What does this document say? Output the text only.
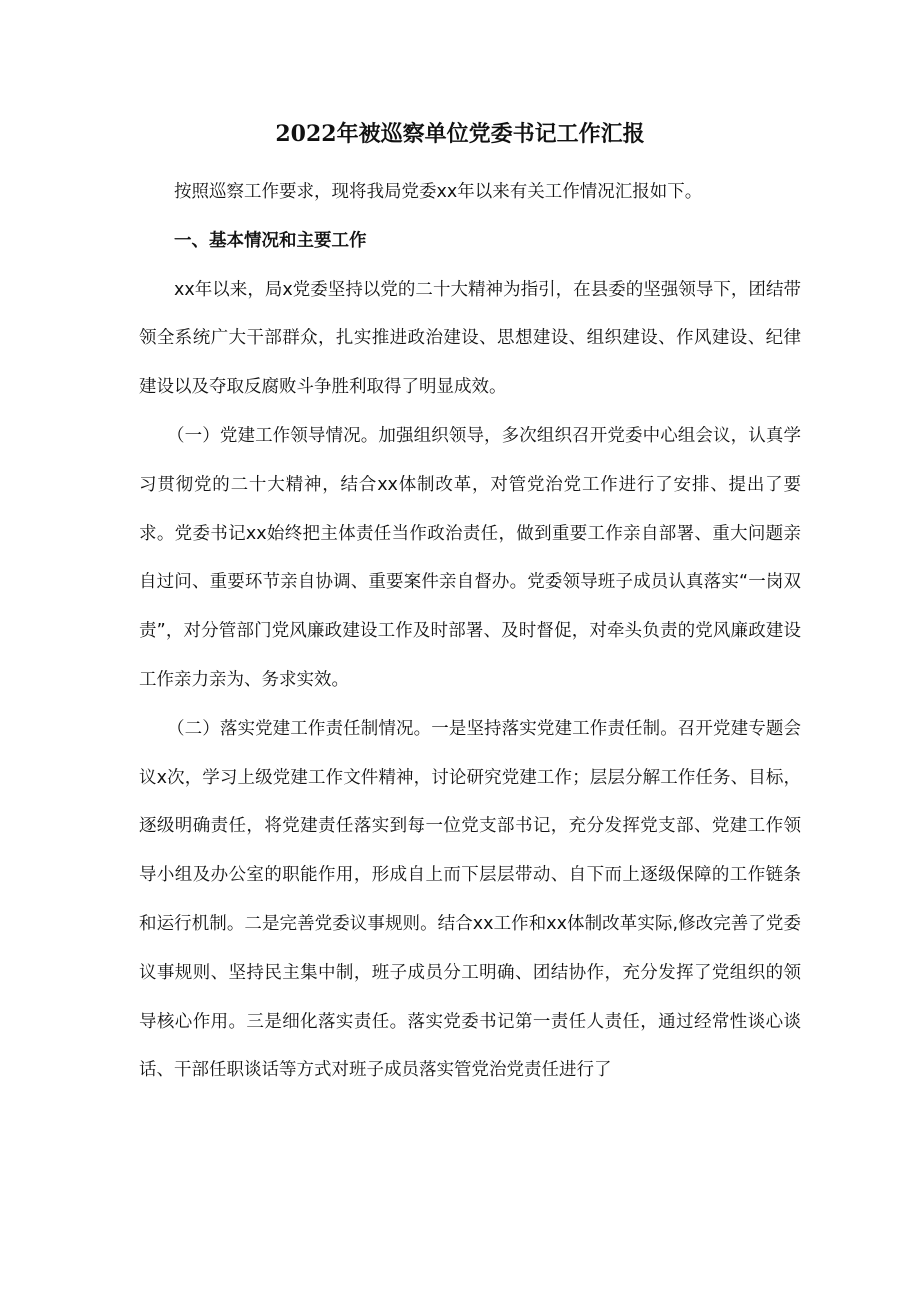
2022年被巡察单位党委书记工作汇报

按照巡察工作要求，现将我局党委xx年以来有关工作情况汇报如下。

一、基本情况和主要工作

xx年以来，局x党委坚持以党的二十大精神为指引，在县委的坚强领导下，团结带领全系统广大干部群众，扎实推进政治建设、思想建设、组织建设、作风建设、纪律建设以及夺取反腐败斗争胜利取得了明显成效。

（一）党建工作领导情况。加强组织领导，多次组织召开党委中心组会议，认真学习贯彻党的二十大精神，结合xx体制改革，对管党治党工作进行了安排、提出了要求。党委书记xx始终把主体责任当作政治责任，做到重要工作亲自部署、重大问题亲自过问、重要环节亲自协调、重要案件亲自督办。党委领导班子成员认真落实“一岗双责”，对分管部门党风廉政建设工作及时部署、及时督促，对牵头负责的党风廉政建设工作亲力亲为、务求实效。

（二）落实党建工作责任制情况。一是坚持落实党建工作责任制。召开党建专题会议x次，学习上级党建工作文件精神，讨论研究党建工作；层层分解工作任务、目标，逐级明确责任，将党建责任落实到每一位党支部书记，充分发挥党支部、党建工作领导小组及办公室的职能作用，形成自上而下层层带动、自下而上逐级保障的工作链条和运行机制。二是完善党委议事规则。结合xx工作和xx体制改革实际,修改完善了党委议事规则、坚持民主集中制，班子成员分工明确、团结协作，充分发挥了党组织的领导核心作用。三是细化落实责任。落实党委书记第一责任人责任，通过经常性谈心谈话、干部任职谈话等方式对班子成员落实管党治党责任进行了
